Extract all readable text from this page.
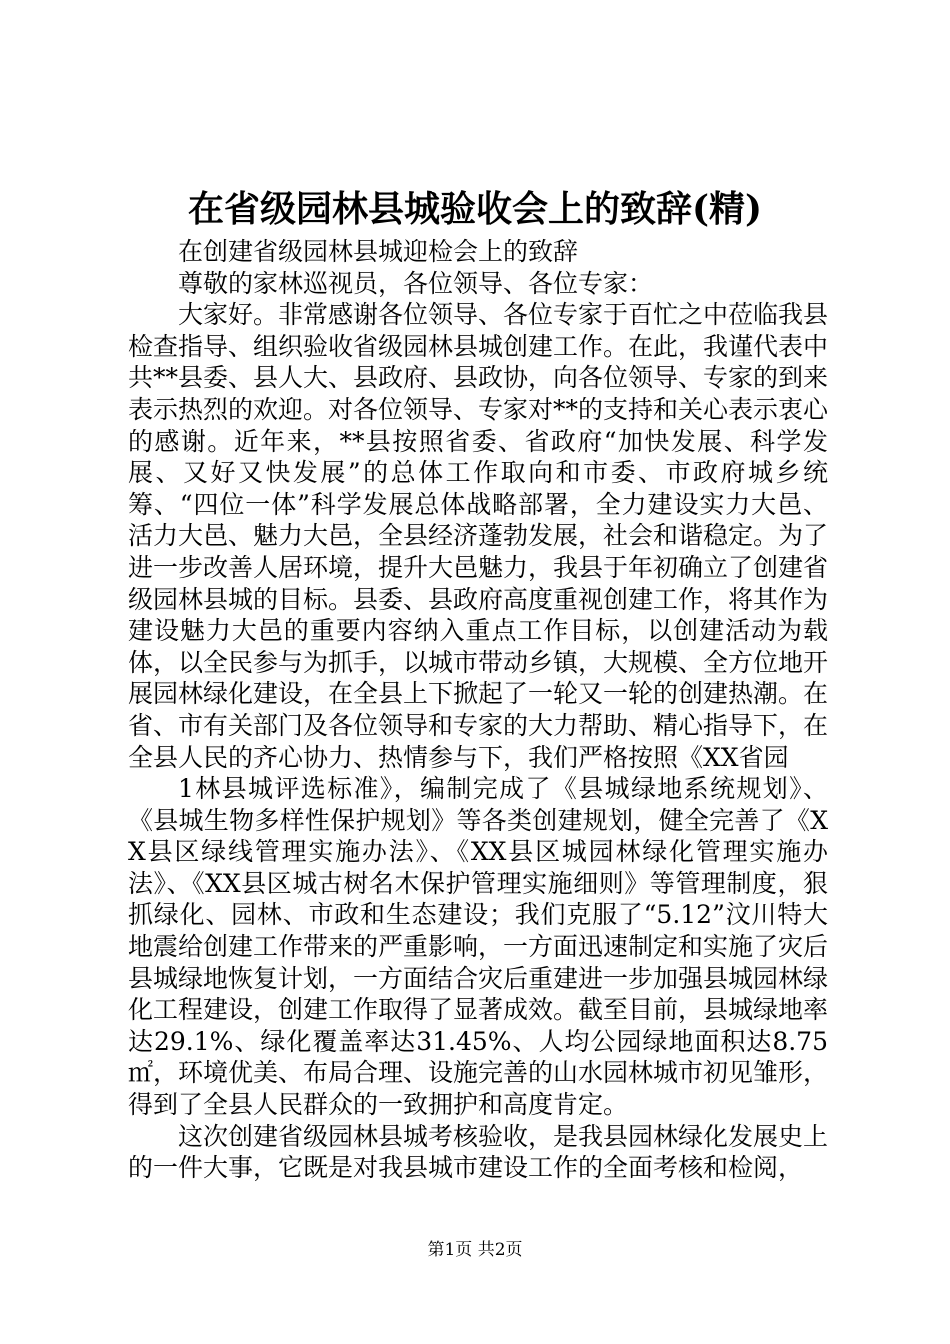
在省级园林县城验收会上的致辞(精)

在创建省级园林县城迎检会上的致辞

尊敬的家林巡视员，各位领导、各位专家：

大家好。非常感谢各位领导、各位专家于百忙之中莅临我县检查指导、组织验收省级园林县城创建工作。在此，我谨代表中共**县委、县人大、县政府、县政协，向各位领导、专家的到来表示热烈的欢迎。对各位领导、专家对**的支持和关心表示衷心的感谢。近年来，**县按照省委、省政府“加快发展、科学发展、又好又快发展”的总体工作取向和市委、市政府城乡统筹、“四位一体”科学发展总体战略部署，全力建设实力大邑、活力大邑、魅力大邑，全县经济蓬勃发展，社会和谐稳定。为了进一步改善人居环境，提升大邑魅力，我县于年初确立了创建省级园林县城的目标。县委、县政府高度重视创建工作，将其作为建设魅力大邑的重要内容纳入重点工作目标，以创建活动为载体，以全民参与为抓手，以城市带动乡镇，大规模、全方位地开展园林绿化建设，在全县上下掀起了一轮又一轮的创建热潮。在省、市有关部门及各位领导和专家的大力帮助、精心指导下，在全县人民的齐心协力、热情参与下，我们严格按照《XX省园

1林县城评选标准》，编制完成了《县城绿地系统规划》、《县城生物多样性保护规划》等各类创建规划，健全完善了《XX县区绿线管理实施办法》、《XX县区城园林绿化管理实施办法》、《XX县区城古树名木保护管理实施细则》等管理制度，狠抓绿化、园林、市政和生态建设；我们克服了“5.12”汶川特大地震给创建工作带来的严重影响，一方面迅速制定和实施了灾后县城绿地恢复计划，一方面结合灾后重建进一步加强县城园林绿化工程建设，创建工作取得了显著成效。截至目前，县城绿地率达29.1%、绿化覆盖率达31.45%、人均公园绿地面积达8.75㎡，环境优美、布局合理、设施完善的山水园林城市初见雏形，得到了全县人民群众的一致拥护和高度肯定。

这次创建省级园林县城考核验收，是我县园林绿化发展史上的一件大事，它既是对我县城市建设工作的全面考核和检阅，

第1页 共2页
